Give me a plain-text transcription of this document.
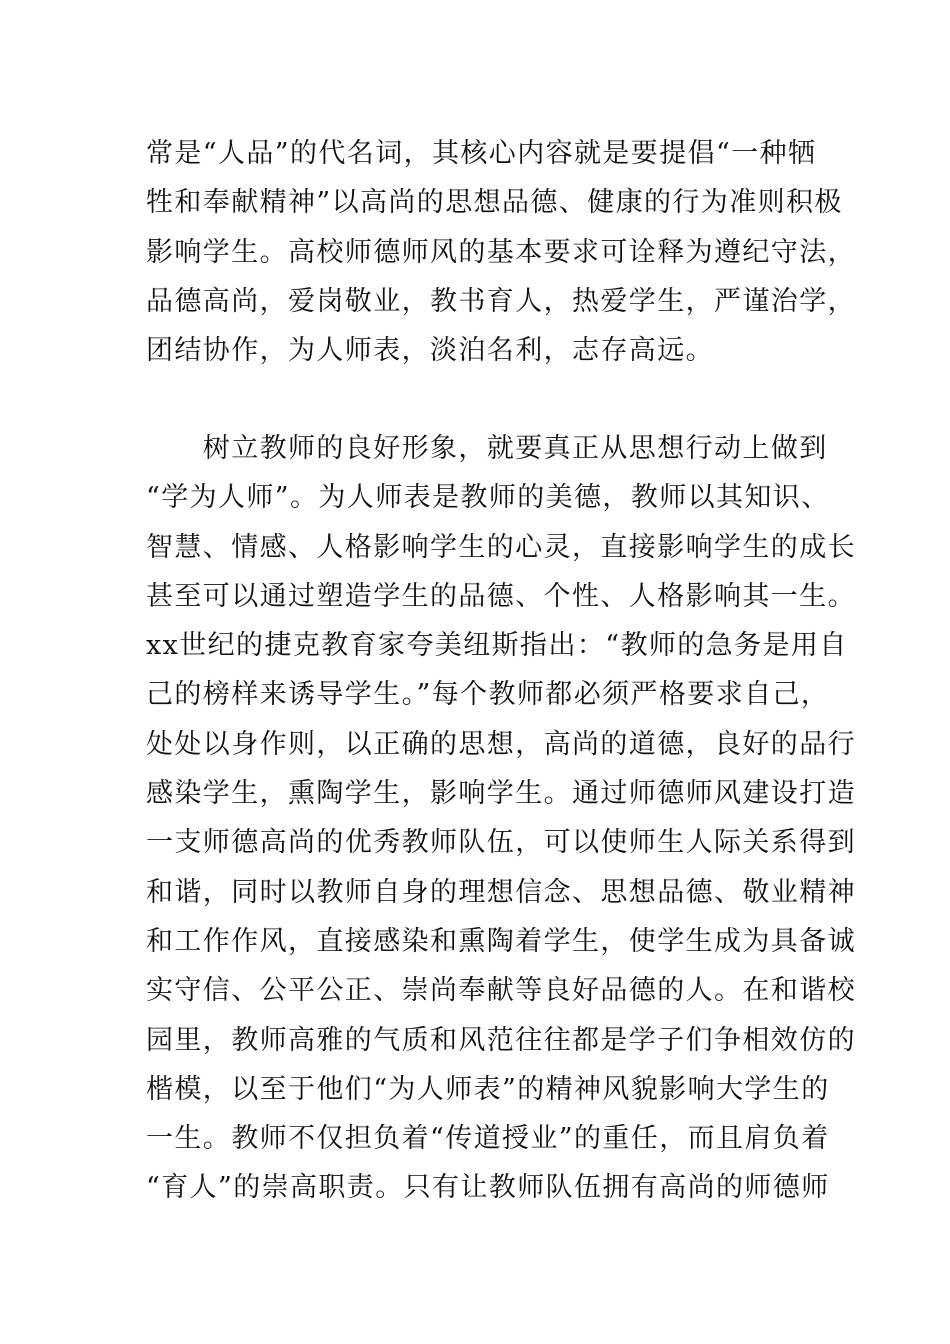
常是“人品”的代名词，其核心内容就是要提倡“一种牺
牲和奉献精神”以高尚的思想品德、健康的行为准则积极
影响学生。高校师德师风的基本要求可诠释为遵纪守法，
品德高尚，爱岗敬业，教书育人，热爱学生，严谨治学，
团结协作，为人师表，淡泊名利，志存高远。

　　树立教师的良好形象，就要真正从思想行动上做到
“学为人师”。为人师表是教师的美德，教师以其知识、
智慧、情感、人格影响学生的心灵，直接影响学生的成长
甚至可以通过塑造学生的品德、个性、人格影响其一生。
xx世纪的捷克教育家夸美纽斯指出：“教师的急务是用自
己的榜样来诱导学生。”每个教师都必须严格要求自己，
处处以身作则，以正确的思想，高尚的道德，良好的品行
感染学生，熏陶学生，影响学生。通过师德师风建设打造
一支师德高尚的优秀教师队伍，可以使师生人际关系得到
和谐，同时以教师自身的理想信念、思想品德、敬业精神
和工作作风，直接感染和熏陶着学生，使学生成为具备诚
实守信、公平公正、崇尚奉献等良好品德的人。在和谐校
园里，教师高雅的气质和风范往往都是学子们争相效仿的
楷模，以至于他们“为人师表”的精神风貌影响大学生的
一生。教师不仅担负着“传道授业”的重任，而且肩负着
“育人”的崇高职责。只有让教师队伍拥有高尚的师德师
